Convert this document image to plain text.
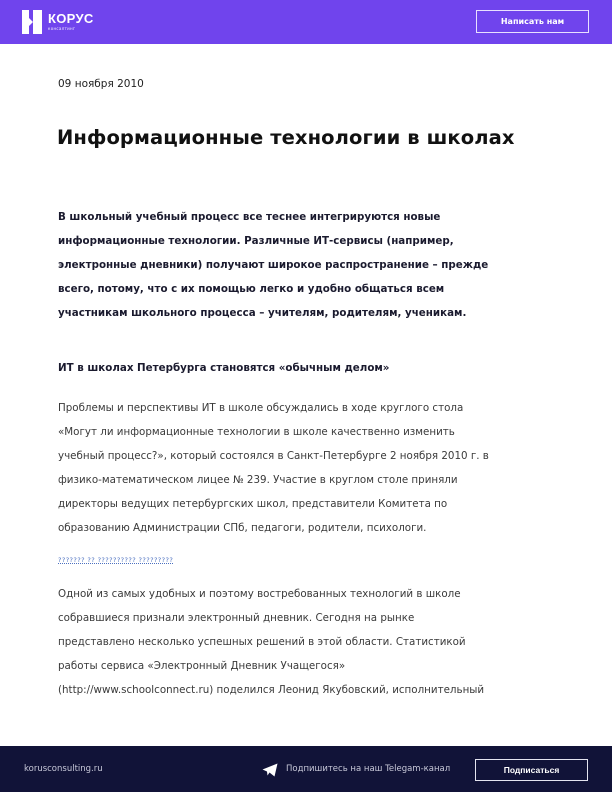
КОРУС
консалтинг
Написать нам
09 ноября 2010
Информационные технологии в школах
В школьный учебный процесс все теснее интегрируются новые
информационные технологии. Различные ИТ-сервисы (например,
электронные дневники) получают широкое распространение – прежде
всего, потому, что с их помощью легко и удобно общаться всем
участникам школьного процесса – учителям, родителям, ученикам.
ИТ в школах Петербурга становятся «обычным делом»
Проблемы и перспективы ИТ в школе обсуждались в ходе круглого стола
«Могут ли информационные технологии в школе качественно изменить
учебный процесс?», который состоялся в Санкт-Петербурге 2 ноября 2010 г. в
физико-математическом лицее № 239. Участие в круглом столе приняли
директоры ведущих петербургских школ, представители Комитета по
образованию Администрации СПб, педагоги, родители, психологи.
??????? ?? ?????????? ?????????
Одной из самых удобных и поэтому востребованных технологий в школе
собравшиеся признали электронный дневник. Сегодня на рынке
представлено несколько успешных решений в этой области. Статистикой
работы сервиса «Электронный Дневник Учащегося»
(http://www.schoolconnect.ru) поделился Леонид Якубовский, исполнительный
korusconsulting.ru	Подпишитесь на наш Telegam-канал	Подписаться
